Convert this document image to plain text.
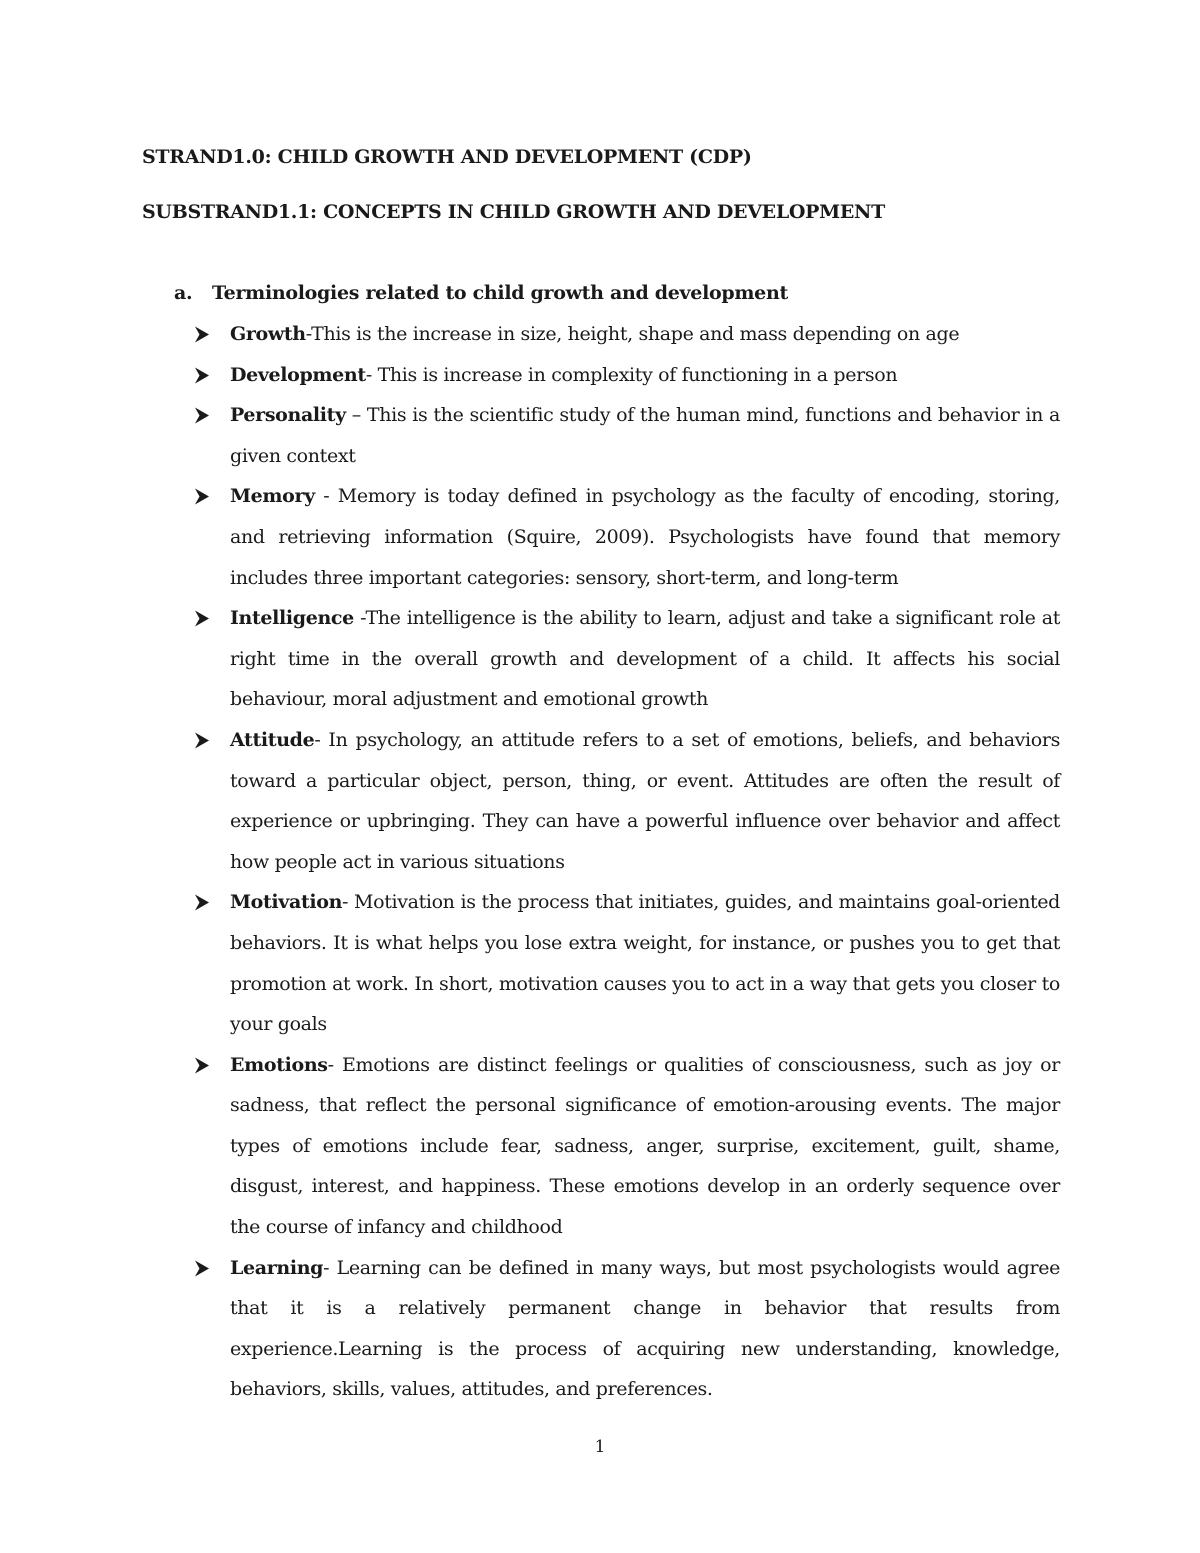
STRAND1.0: CHILD GROWTH AND DEVELOPMENT (CDP)
SUBSTRAND1.1: CONCEPTS IN CHILD GROWTH AND DEVELOPMENT
a. Terminologies related to child growth and development
Growth-This is the increase in size, height, shape and mass depending on age
Development- This is increase in complexity of functioning in a person
Personality – This is the scientific study of the human mind, functions and behavior in a given context
Memory - Memory is today defined in psychology as the faculty of encoding, storing, and retrieving information (Squire, 2009). Psychologists have found that memory includes three important categories: sensory, short-term, and long-term
Intelligence -The intelligence is the ability to learn, adjust and take a significant role at right time in the overall growth and development of a child. It affects his social behaviour, moral adjustment and emotional growth
Attitude- In psychology, an attitude refers to a set of emotions, beliefs, and behaviors toward a particular object, person, thing, or event. Attitudes are often the result of experience or upbringing. They can have a powerful influence over behavior and affect how people act in various situations
Motivation- Motivation is the process that initiates, guides, and maintains goal-oriented behaviors. It is what helps you lose extra weight, for instance, or pushes you to get that promotion at work. In short, motivation causes you to act in a way that gets you closer to your goals
Emotions- Emotions are distinct feelings or qualities of consciousness, such as joy or sadness, that reflect the personal significance of emotion-arousing events. The major types of emotions include fear, sadness, anger, surprise, excitement, guilt, shame, disgust, interest, and happiness. These emotions develop in an orderly sequence over the course of infancy and childhood
Learning- Learning can be defined in many ways, but most psychologists would agree that it is a relatively permanent change in behavior that results from experience.Learning is the process of acquiring new understanding, knowledge, behaviors, skills, values, attitudes, and preferences.
1
